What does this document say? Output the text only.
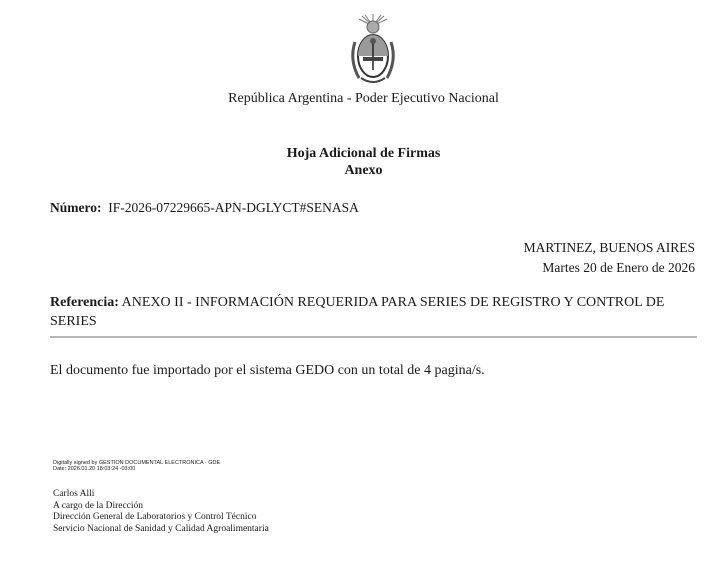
República Argentina - Poder Ejecutivo Nacional
Hoja Adicional de Firmas
Anexo
Número: IF-2026-07229665-APN-DGLYCT#SENASA
MARTINEZ, BUENOS AIRES
Martes 20 de Enero de 2026
Referencia: ANEXO II - INFORMACIÓN REQUERIDA PARA SERIES DE REGISTRO Y CONTROL DE SERIES
El documento fue importado por el sistema GEDO con un total de 4 pagina/s.
Digitally signed by GESTION DOCUMENTAL ELECTRONICA - GDE
Date: 2026.01.20 18:03:24 -03:00
Carlos Alli
A cargo de la Dirección
Dirección General de Laboratorios y Control Técnico
Servicio Nacional de Sanidad y Calidad Agroalimentaria
